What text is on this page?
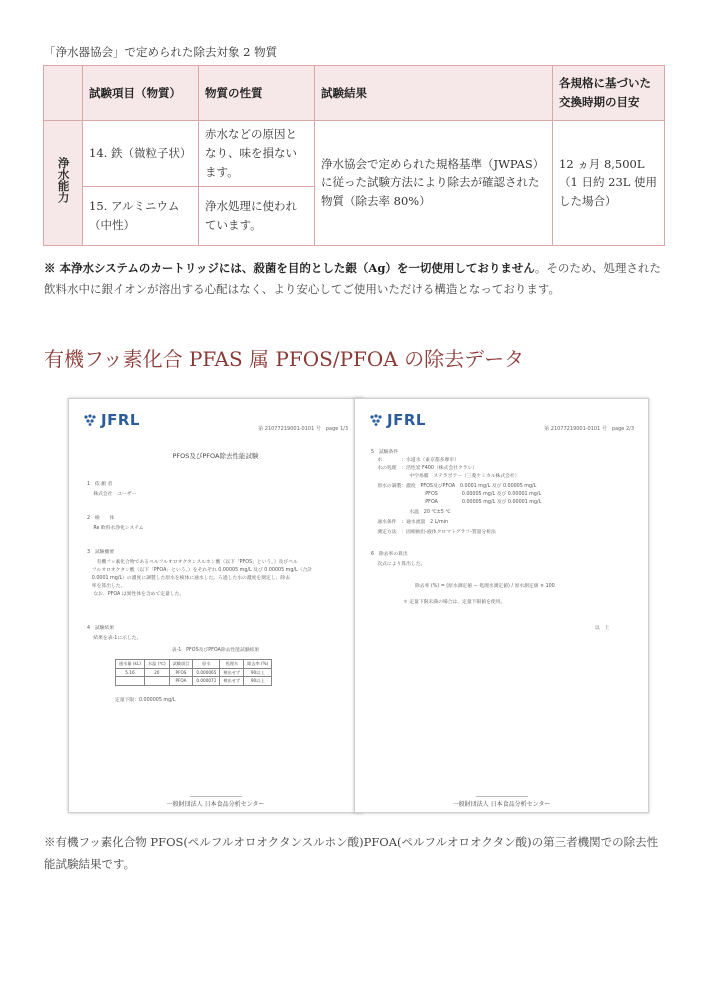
「浄水器協会」で定められた除去対象 2 物質
	試験項目（物質）	物質の性質	試験結果	各規格に基づいた交換時期の目安
浄水能力	14. 鉄（微粒子状）	赤水などの原因となり、味を損ないます。	浄水協会で定められた規格基準（JWPAS）に従った試験方法により除去が確認された物質（除去率 80%）	12 ヵ月 8,500L（1 日約 23L 使用した場合）
	15. アルミニウム（中性）	浄水処理に使われています。		
※ 本浄水システムのカートリッジには、殺菌を目的とした銀（Ag）を一切使用しておりません。そのため、処理された飲料水中に銀イオンが溶出する心配はなく、より安心してご使用いただける構造となっております。
有機フッ素化合 PFAS 属 PFOS/PFOA の除去データ
JFRL	第 21077219001-0101 号　page 1/3
PFOS及びPFOA除去性能試験
1　依 頼 者
　 株式会社　ユーザー
2　検　　体
　 Re 飲料水浄化システム
3　試験概要
　　有機フッ素化合物であるペルフルオロオクタンスルホン酸（以下「PFOS」という。）及びペル
　フルオロオクタン酸（以下「PFOA」という。）をそれぞれ 0.00005 mg/L 及び 0.00005 mg/L（合計
　0.0001 mg/L）の濃度に調製した原水を検体に通水した。ろ過した水の濃度を測定し、除去
　率を算出した。
　 なお、PFOA は異性体を含めて定量した。
4　試験結果
　 結果を表-1に示した。
表-1　PFOS及びPFOA除去性能試験結果
通水量 (kL)	水温 (℃)	試験項目	原水	処理水	除去率 (%)
5.16	20	PFOS	0.000065	検出せず	90以上
		PFOA	0.000071	検出せず	90以上
定量下限：0.000005 mg/L
一般財団法人 日本食品分析センター
JFRL	第 21077219001-0101 号　page 2/3
5　試験条件
　 水　　　　：水道水（東京都多摩市）
　 水の処理　：活性炭 F400（株式会社クラレ）
　　　　　　　　中空糸膜　ステラポアー（三菱ケミカル株式会社）
　 原水の調製：濃度　PFOS及びPFOA　0.0001 mg/L 及び 0.00005 mg/L
　　　　　　　　　　　 PFOS　　　　　0.00005 mg/L 及び 0.00001 mg/L
　　　　　　　　　　　 PFOA　　　　　0.00005 mg/L 及び 0.00001 mg/L
　　　　　　　　水温　20 ℃±5 ℃
　 通水条件　：通水流量　2 L/min
　 測定方法　：固相抽出-液体クロマトグラフ-質量分析法
6　除去率の算出
　 次式により算出した。
除去率 (%) = (原水測定値 − 処理水測定値) / 原水測定値 × 100
＊ 定量下限未満の場合は、定量下限値を使用。
以　上
一般財団法人 日本食品分析センター
※有機フッ素化合物 PFOS(ペルフルオロオクタンスルホン酸)PFOA(ペルフルオロオクタン酸)の第三者機関での除去性能試験結果です。
